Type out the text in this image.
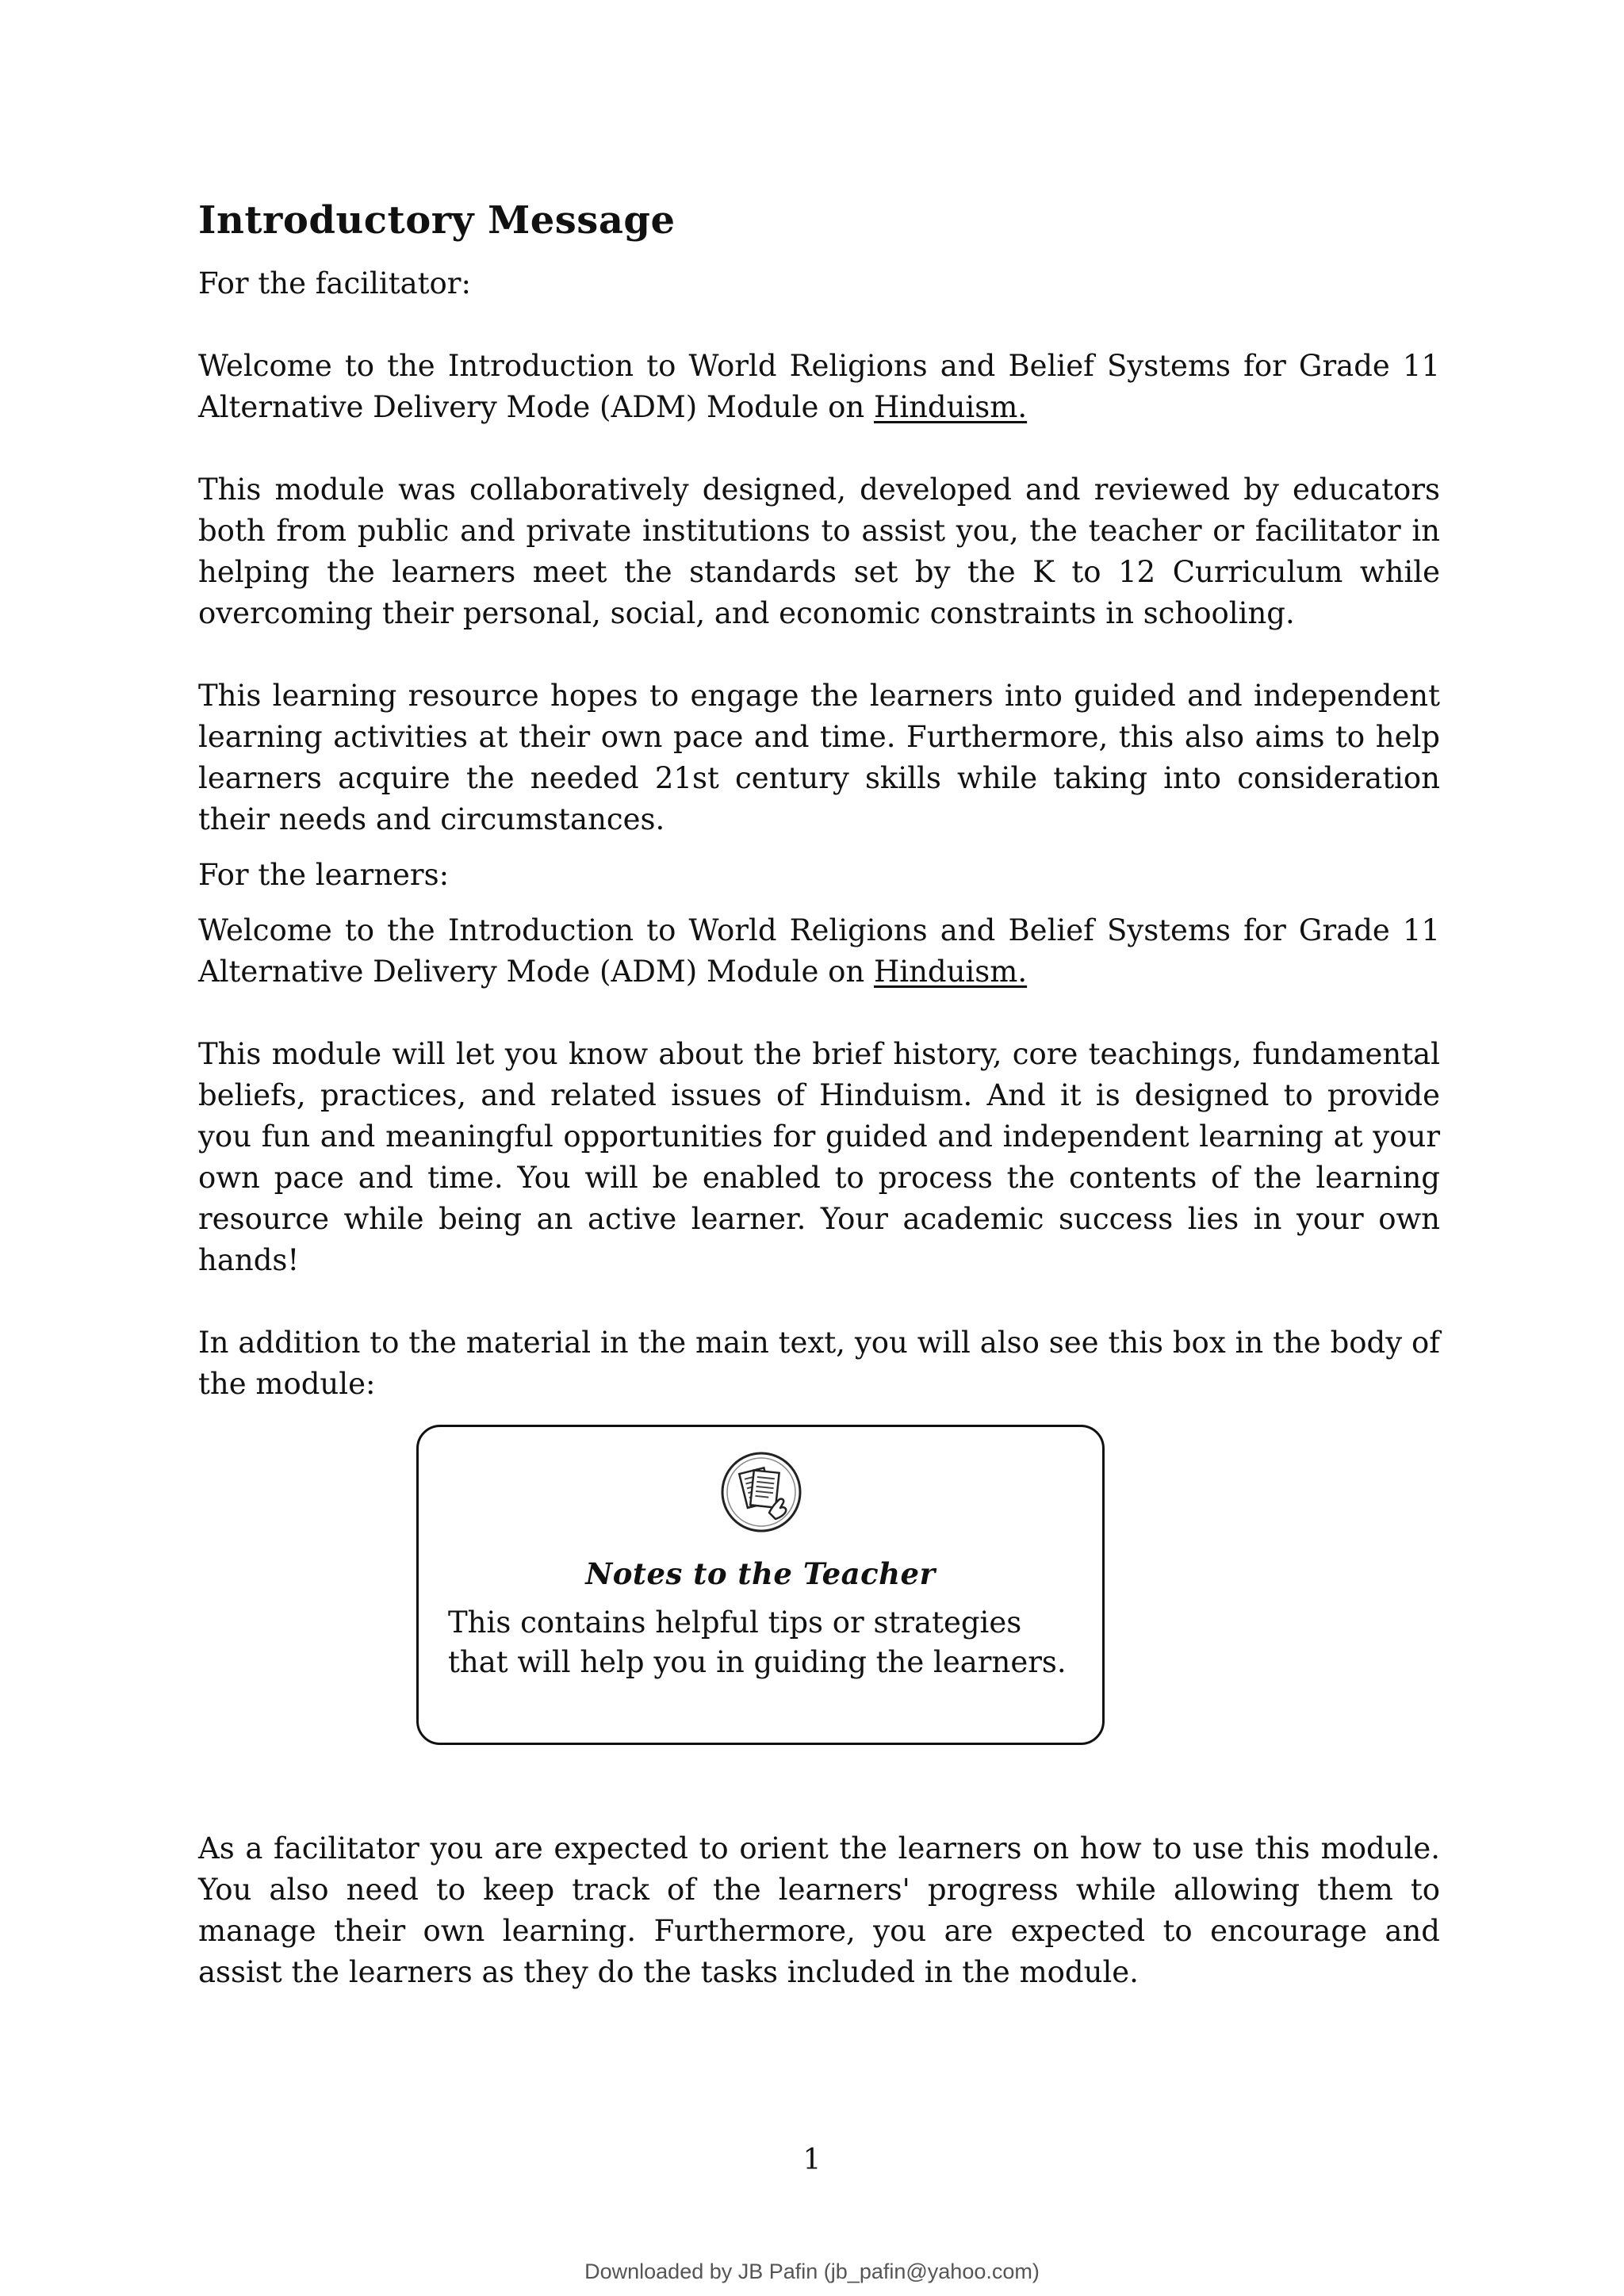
Introductory Message

For the facilitator:

Welcome to the Introduction to World Religions and Belief Systems for Grade 11 Alternative Delivery Mode (ADM) Module on Hinduism.

This module was collaboratively designed, developed and reviewed by educators both from public and private institutions to assist you, the teacher or facilitator in helping the learners meet the standards set by the K to 12 Curriculum while overcoming their personal, social, and economic constraints in schooling.

This learning resource hopes to engage the learners into guided and independent learning activities at their own pace and time. Furthermore, this also aims to help learners acquire the needed 21st century skills while taking into consideration their needs and circumstances.

For the learners:

Welcome to the Introduction to World Religions and Belief Systems for Grade 11 Alternative Delivery Mode (ADM) Module on Hinduism.

This module will let you know about the brief history, core teachings, fundamental beliefs, practices, and related issues of Hinduism. And it is designed to provide you fun and meaningful opportunities for guided and independent learning at your own pace and time. You will be enabled to process the contents of the learning resource while being an active learner. Your academic success lies in your own hands!

In addition to the material in the main text, you will also see this box in the body of the module:

Notes to the Teacher
This contains helpful tips or strategies that will help you in guiding the learners.

As a facilitator you are expected to orient the learners on how to use this module. You also need to keep track of the learners' progress while allowing them to manage their own learning. Furthermore, you are expected to encourage and assist the learners as they do the tasks included in the module.

1
Downloaded by JB Pafin (jb_pafin@yahoo.com)
